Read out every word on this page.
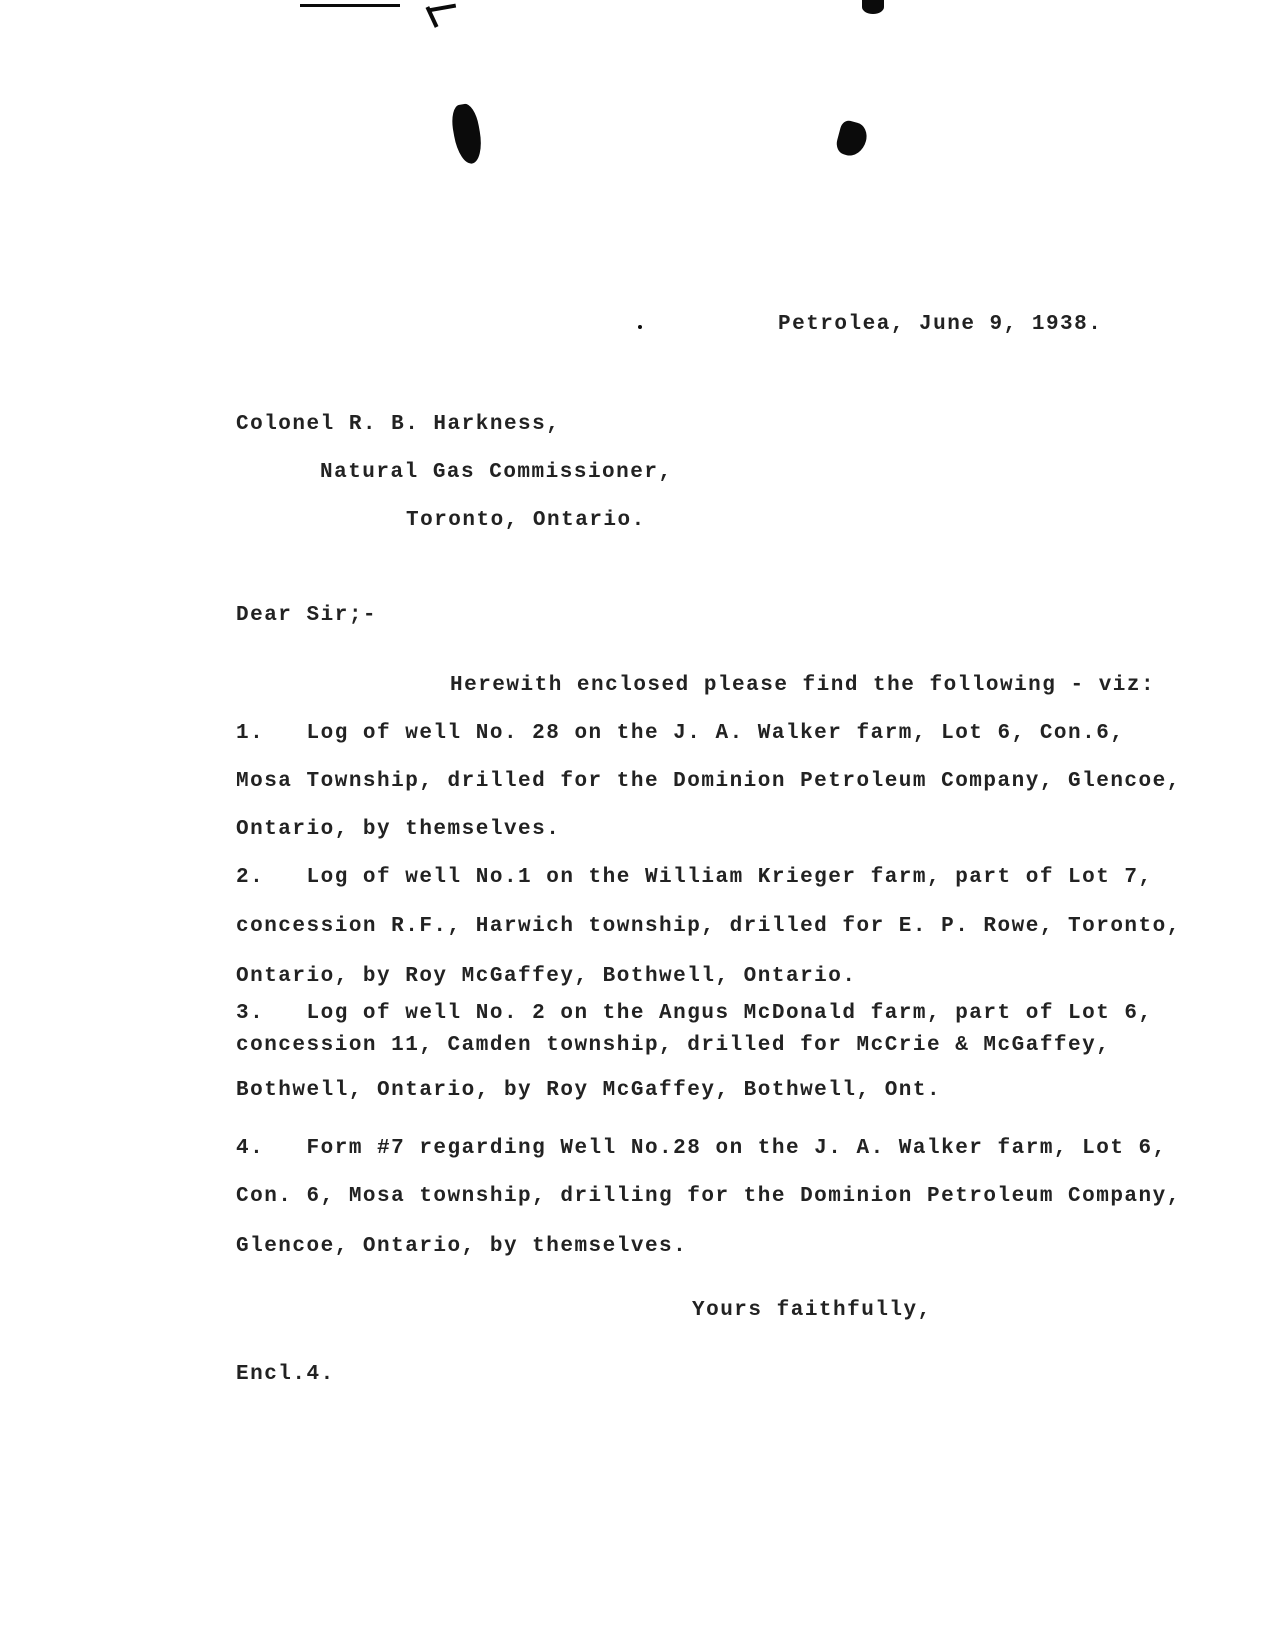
Petrolea, June 9, 1938.
Colonel R. B. Harkness,
Natural Gas Commissioner,
Toronto, Ontario.
Dear Sir;-
Herewith enclosed please find the following - viz:
1.   Log of well No. 28 on the J. A. Walker farm, Lot 6, Con.6,
Mosa Township, drilled for the Dominion Petroleum Company, Glencoe,
Ontario, by themselves.
2.   Log of well No.1 on the William Krieger farm, part of Lot 7,
concession R.F., Harwich township, drilled for E. P. Rowe, Toronto,
Ontario, by Roy McGaffey, Bothwell, Ontario.
3.   Log of well No. 2 on the Angus McDonald farm, part of Lot 6,
concession 11, Camden township, drilled for McCrie & McGaffey,
Bothwell, Ontario, by Roy McGaffey, Bothwell, Ont.
4.   Form #7 regarding Well No.28 on the J. A. Walker farm, Lot 6,
Con. 6, Mosa township, drilling for the Dominion Petroleum Company,
Glencoe, Ontario, by themselves.
Yours faithfully,
Encl.4.
